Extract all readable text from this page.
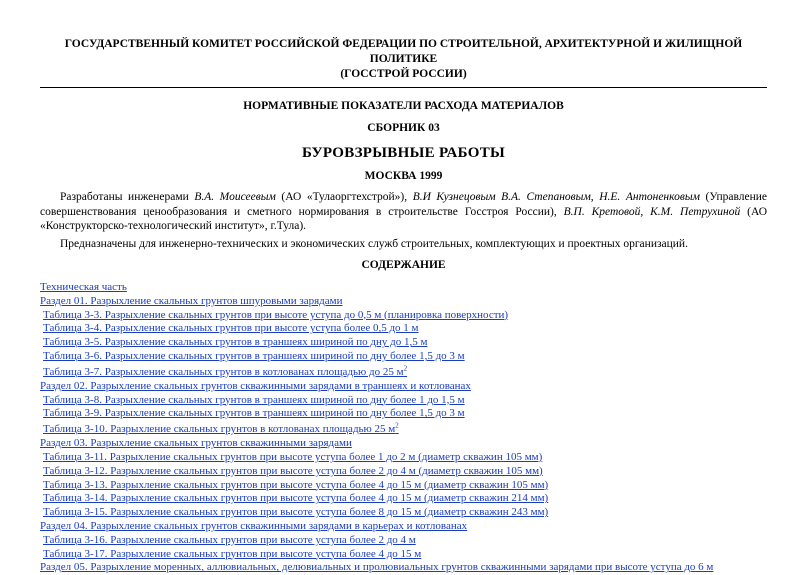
ГОСУДАРСТВЕННЫЙ КОМИТЕТ РОССИЙСКОЙ ФЕДЕРАЦИИ ПО СТРОИТЕЛЬНОЙ, АРХИТЕКТУРНОЙ И ЖИЛИЩНОЙ ПОЛИТИКЕ
(ГОССТРОЙ РОССИИ)
НОРМАТИВНЫЕ ПОКАЗАТЕЛИ РАСХОДА МАТЕРИАЛОВ
СБОРНИК 03
БУРОВЗРЫВНЫЕ РАБОТЫ
МОСКВА 1999

Разработаны инженерами В.А. Моисеевым (АО «Тулаоргтехстрой»), В.И Кузнецовым В.А. Степановым, Н.Е. Антоненковым (Управление совершенствования ценообразования и сметного нормирования в строительстве Госстроя России), В.П. Кретовой, К.М. Петрухиной (АО «Конструкторско-технологический институт», г.Тула).

Предназначены для инженерно-технических и экономических служб строительных, комплектующих и проектных организаций.

СОДЕРЖАНИЕ
Техническая часть
Раздел 01. Разрыхление скальных грунтов шпуровыми зарядами
Таблица 3-3. Разрыхление скальных грунтов при высоте уступа до 0,5 м (планировка поверхности)
Таблица 3-4. Разрыхление скальных грунтов при высоте уступа более 0,5 до 1 м
Таблица 3-5. Разрыхление скальных грунтов в траншеях шириной по дну до 1,5 м
Таблица 3-6. Разрыхление скальных грунтов в траншеях шириной по дну более 1,5 до 3 м
Таблица 3-7. Разрыхление скальных грунтов в котлованах площадью до 25 м$^2$
Раздел 02. Разрыхление скальных грунтов скважинными зарядами в траншеях и котлованах
Таблица 3-8. Разрыхление скальных грунтов в траншеях шириной по дну более 1 до 1,5 м
Таблица 3-9. Разрыхление скальных грунтов в траншеях шириной по дну более 1,5 до 3 м
Таблица 3-10. Разрыхление скальных грунтов в котлованах площадью 25 м$^2$
Раздел 03. Разрыхление скальных грунтов скважинными зарядами
Таблица 3-11. Разрыхление скальных грунтов при высоте уступа более 1 до 2 м (диаметр скважин 105 мм)
Таблица 3-12. Разрыхление скальных грунтов при высоте уступа более 2 до 4 м (диаметр скважин 105 мм)
Таблица 3-13. Разрыхление скальных грунтов при высоте уступа более 4 до 15 м (диаметр скважин 105 мм)
Таблица 3-14. Разрыхление скальных грунтов при высоте уступа более 4 до 15 м (диаметр скважин 214 мм)
Таблица 3-15. Разрыхление скальных грунтов при высоте уступа более 8 до 15 м (диаметр скважин 243 мм)
Раздел 04. Разрыхление скальных грунтов скважинными зарядами в карьерах и котлованах
Таблица 3-16. Разрыхление скальных грунтов при высоте уступа более 2 до 4 м
Таблица 3-17. Разрыхление скальных грунтов при высоте уступа более 4 до 15 м
Раздел 05. Разрыхление моренных, аллювиальных, делювиальных и пролювиальных грунтов скважинными зарядами при высоте уступа до 6 м
